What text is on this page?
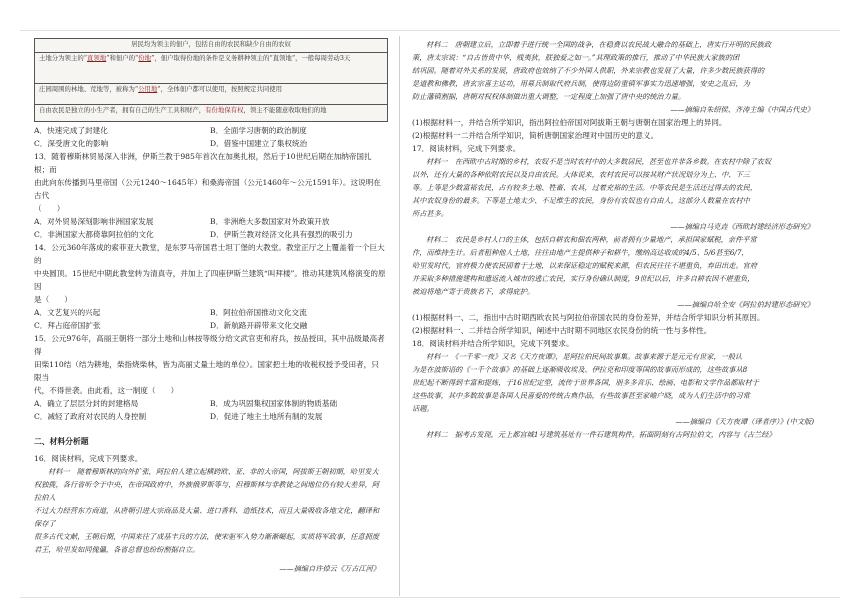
居民均为领主的佃户，包括自由的农民和缺少自由的农奴
土地分为领主的“直领地”和佃户的“份地”，佃户取得份地的条件是义务耕种领主的“直领地”，一般每周劳动3天
庄园周围的林地、荒地等，被称为“公用地”，全体佃户都可以使用，按照规定共同使用
自由农民是独立的小生产者，拥有自己的生产工具和财产，有份地保有权，领主不能随意收取他们的地
A．快速完成了封建化	B．全面学习唐朝的政治制度
C．深受唐文化的影响	D．借鉴中国建立了集权统治
13．随着穆斯林贸易深入非洲，伊斯兰教于985年首次在加奥扎根，然后于10世纪后期在加纳帝国扎根；而
由此向东传播到马里帝国（公元1240～1645年）和桑海帝国（公元1460年～公元1591年）。这说明在古代
（　　）
A．对外贸易深刻影响非洲国家发展	B．非洲绝大多数国家对外政策开放
C．非洲国家大都倚靠阿拉伯的文化	D．伊斯兰教对经济文化具有强烈的吸引力
14．公元360年落成的索菲亚大教堂，是东罗马帝国君士坦丁堡的大教堂。教堂正厅之上覆盖着一个巨大的
中央圆顶。15世纪中期此教堂转为清真寺，并加上了四座伊斯兰建筑“叫拜楼”。推动其建筑风格演变的原因
是（　　）
A．文艺复兴的兴起	B．阿拉伯帝国推动文化交流
C．拜占庭帝国扩张	D．新航路开辟带来文化交融
15．公元976年，高丽王朝将一部分土地和山林按等级分给文武官吏和府兵，按品授田，其中品级最高者得
田柴110结（结为耕地，柴指烧柴林，皆为高丽丈量土地的单位）。国家把土地的收税权授予受田者，只限当
代，不得世袭。由此看，这一制度（　　）
A．确立了层层分封的封建格局	B．成为巩固集权国家体制的物质基础
C．减轻了政府对农民的人身控制	D．促进了地主土地所有制的发展
二、材料分析题
16．阅读材料，完成下列要求。
材料一　随着穆斯林的向外扩张，阿拉伯人建立起横跨欧、亚、非的大帝国，阿拔斯王朝初期，哈里发大
权独揽，各行省听令于中央，在帝国政府中，外族俄罗斯等与，但穆斯林与非教徒之间地位仍有较大差异，阿拉伯人
不过大力经营东方商道，从唐朝引进大宗商品及大量、进口香料、造纸技术，而且大量吸收各地文化，翻译和保存了
很多古代文献，王朝后期，中国来往了成基丰兵的方法，使宋驱军入势力渐渐崛起，实质将军政事，任意拥废
君王，哈里发如同傀儡，各省总督也纷纷割据自立。
——摘编自许倬云《万古江河》
材料二　唐朝建立后，立即着手进行统一全国的战争，在稳费以农民战大融合的基础上，唐实行开明的民族政
策，唐太宗说：“自古皆贵中华，贱夷狄，朕独爱之如一。”其理政策的推行，推动了中华民族大家族的团
结巩固。随着对外关系的发展，唐政府也效纳了不少外国人供职，外来宗教也发展了大量，许多少数民族获得的
是道教和佛教，唐玄宗喜主达功，用募兵制取代府兵制，使得边防重镇军事实力迅速增强，安史之乱后，为
防止藩镇割据，唐朝对权权体制做出重大调整，一定程度上加强了唐中央的统治力量。
——摘编自朱绍侯、齐涛主编《中国古代史》
(1)根据材料一，并结合所学知识，指出阿拉伯帝国对阿拔斯王朝与唐朝在国家治理上的异同。
(2)根据材料一二并结合所学知识，简析唐朝国家治理对中国历史的意义。
17．阅读材料，完成下列要求。
材料一　在西欧中古时期的乡村，农奴不是当时农村中的大多数居民，甚至也并非各乡数。在农村中除了农奴
以外，还有大量的各种依附农民以及自由农民。大体说来，农村农民可以按其财产状况划分为上、中、下三
等。上等是少数富裕农民，占有较多土地、牲畜、农具，过着充裕的生活。中等农民是生活还过得去的农民，
其中农奴身份的最多。下等是土地太少、不足维生的农民，身份有农奴也有自由人，这部分人数量在农村中
所占甚多。
——摘编自马克垚《西欧封建经济形态研究》
材料二　农民是乡村人口的主体，包括自耕农和佃农两种，前者拥有少量地产，承担国家赋税，亲件平常
作，而维持生计。后者租种他人土地，往往由地产主提供种子和耕牛，缴纳高达收成的4/5、5/6甚至6/7，
哈里发时代，官府极力使农民固着于土地，以来保证稳定的赋税来源，但农民往往不堪重负，弃田出走。官府
并采取多种措施建构和遣返流入城市的逃亡农民，实行身份确认制度，9世纪以后，许多自耕农因不堪重负，
被迫将地产寄于贵族名下，求得庇护。
——摘编自哈全安《阿拉伯封建形态研究》
(1)根据材料一、二，指出中古时期西欧农民与阿拉伯帝国农民的身份差异，并结合所学知识分析其原因。
(2)根据材料一、二并结合所学知识，阐述中古时期不同地区农民身份的统一性与多样性。
18．阅读材料并结合所学知识，完成下列要求。
材料一　《一千零一夜》又名《天方夜谭》，是阿拉伯民间故事集。故事来源于是元元有世家，一般认
为是在波斯语的《一千个故事》的基础上逐渐吸收埃及、伊拉克和印度等国的故事而形成的，这些故事从8
世纪起不断得到丰富和提炼，于16世纪定型，流传于世界各国，朋多多音乐、绘画、电影和文学作品都取材于
这些故事，其中多数故事是各国人民喜爱的传统古典作品，有些故事甚至家喻户晓，成为人们生活中的习常
话题。
——摘编自《天方夜谭（译者序）》(中文版)
材料二　据考古发现，元上都宫城1号建筑基址有一件石建筑构件，拓面阴刻有古阿拉伯文，内容与《古兰经》
